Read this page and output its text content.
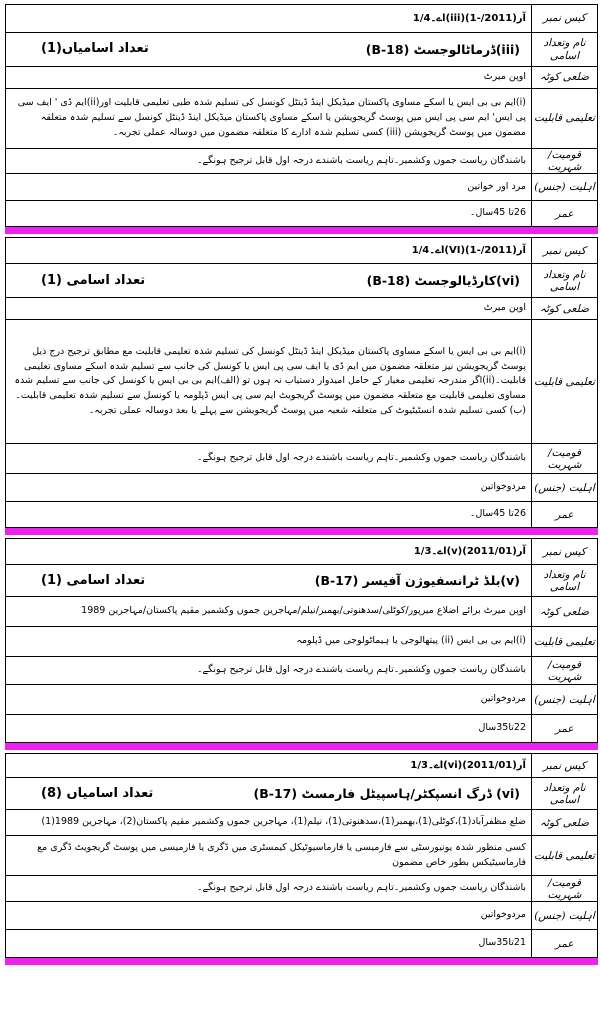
کیس نمبر	اے۔1/4(iii)آر(2011/-1)
نام وتعداد اسامی	(iii)ڈرماٹالوجسٹ (B-18)
تعداد اسامیاں(1)

ضلعی کوٹہ	اوپن میرٹ
تعلیمی قابلیت	(i)ایم بی بی ایس یا اسکے مساوی پاکستان میڈیکل اینڈ ڈینٹل کونسل کی تسلیم شدہ طبی تعلیمی قابلیت اور(ii)ایم ڈی ' ایف سی پی ایس' ایم سی پی ایس میں پوسٹ گریجویشن یا اسکے مساوی پاکستان میڈیکل اینڈ ڈینٹل کونسل سے تسلیم شدہ متعلقہ مضمون میں پوسٹ گریجویشن (iii) کسی تسلیم شدہ ادارے کا متعلقہ مضمون میں دوسالہ عملی تجربہ۔
قومیت/شہریت	باشندگان ریاست جموں وکشمیر۔تاہم ریاست باشندے درجہ اول قابل ترجیح ہونگے۔
اہلیت (جنس)	مرد اور خواتین
عمر	26تا 45سال۔
کیس نمبر	اے۔1/4(VI)آر(2011/-1)
نام وتعداد اسامی	(vi)کارڈیالوجسٹ (B-18)
تعداد اسامی (1)

ضلعی کوٹہ	اوپن میرٹ
تعلیمی قابلیت	(i)ایم بی بی ایس یا اسکے مساوی پاکستان میڈیکل اینڈ ڈینٹل کونسل کی تسلیم شدہ تعلیمی قابلیت مع مطابق ترجیح درج ذیل پوسٹ گریجویشن نیز متعلقہ مضمون میں ایم ڈی یا ایف سی پی ایس یا کونسل کی جانب سے تسلیم شدہ اسکے مساوی تعلیمی قابلیت۔(ii)اگر مندرجہ تعلیمی معیار کے حامل امیدوار دستیاب نہ ہوں تو (الف)ایم بی بی ایس یا کونسل کی جانب سے تسلیم شدہ مساوی تعلیمی قابلیت مع متعلقہ مضمون میں پوسٹ گریجویٹ ایم سی پی ایس ڈپلومہ یا کونسل سے تسلیم شدہ تعلیمی قابلیت۔(ب) کسی تسلیم شدہ انسٹیٹیوٹ کی متعلقہ شعبہ میں پوسٹ گریجویشن سے پہلے یا بعد دوسالہ عملی تجربہ۔
قومیت/شہریت	باشندگان ریاست جموں وکشمیر۔تاہم ریاست باشندے درجہ اول قابل ترجیح ہونگے۔
اہلیت (جنس)	مردوخواتین
عمر	26تا 45سال۔
کیس نمبر	اے۔1/3(v)آر(2011/01)
نام وتعداد اسامی	(v)بلڈ ٹرانسفیوژن آفیسر (B-17)
تعداد اسامی (1)

ضلعی کوٹہ	اوپن میرٹ برائے اضلاع میرپور/کوٹلی/سدھنوتی/بھمبر/نیلم/مہاجرین جموں وکشمیر مقیم پاکستان/مہاجرین 1989
تعلیمی قابلیت	(i)ایم بی بی ایس (ii) پیتھالوجی یا ہیماٹولوجی میں ڈپلومہ
قومیت/شہریت	باشندگان ریاست جموں وکشمیر۔تاہم ریاست باشندے درجہ اول قابل ترجیح ہونگے۔
اہلیت (جنس)	مردوخواتین
عمر	22تا35سال
کیس نمبر	اے۔1/3(vi)آر(2011/01)
نام وتعداد اسامی	(vi) ڈرگ انسپکٹر/ہاسپیٹل فارمسٹ (B-17)
تعداد اسامیاں (8)

ضلعی کوٹہ	ضلع مظفرآباد(1)،کوٹلی(1)،بھمبر(1)،سدھنوتی(1)، نیلم(1)، مہاجرین جموں وکشمیر مقیم پاکستان(2)، مہاجرین 1989(1)
تعلیمی قابلیت	کسی منظور شدہ یونیورسٹی سے فارمیسی یا فارماسیوٹیکل کیمسٹری میں ڈگری یا فارمیسی میں پوسٹ گریجویٹ ڈگری مع فارماسیٹیکس بطور خاص مضمون
قومیت/شہریت	باشندگان ریاست جموں وکشمیر۔تاہم ریاست باشندے درجہ اول قابل ترجیح ہونگے۔
اہلیت (جنس)	مردوخواتین
عمر	21تا35سال
